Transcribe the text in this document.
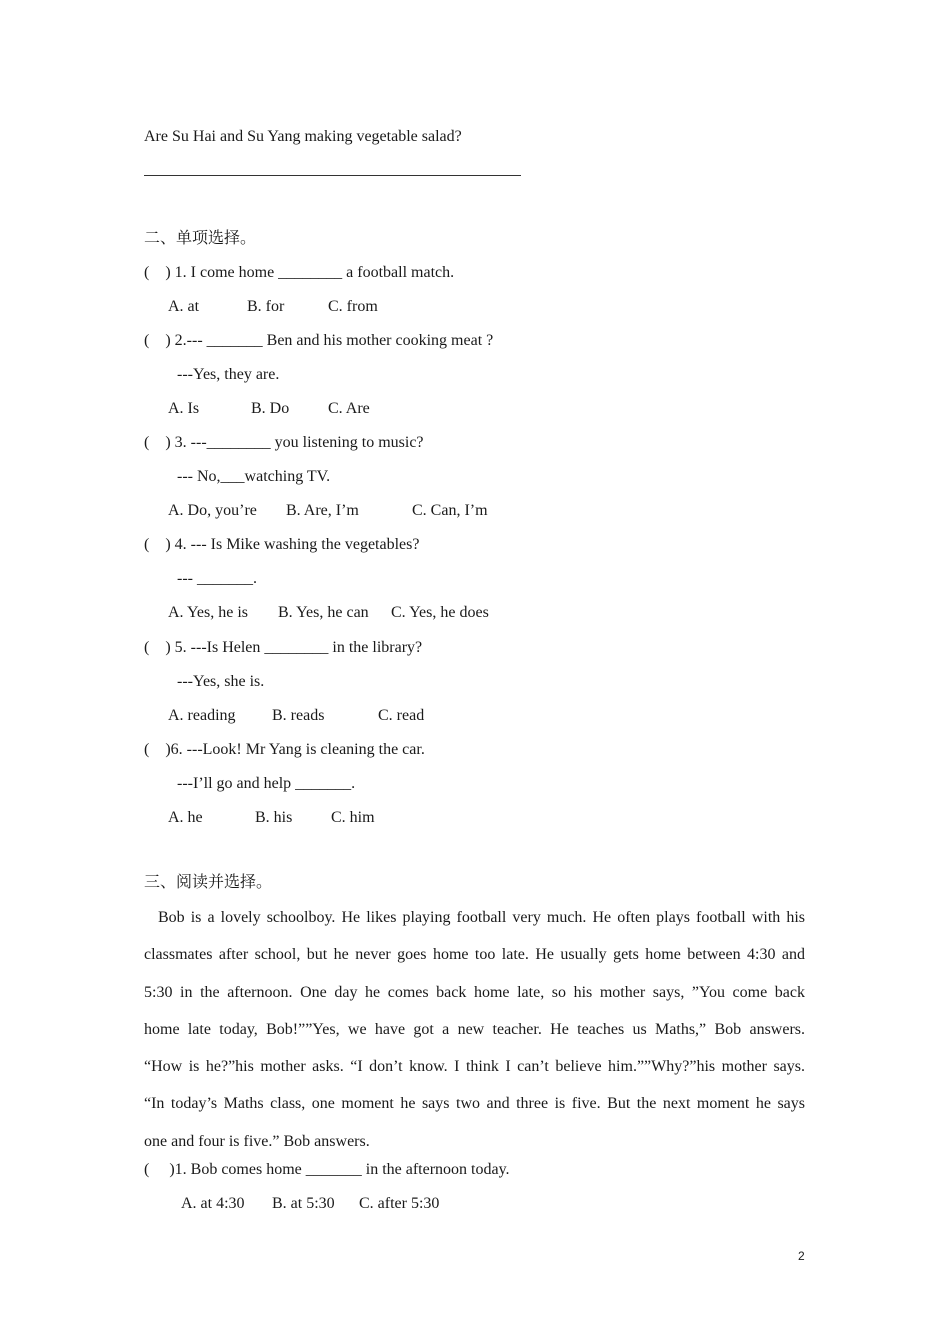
Are Su Hai and Su Yang making vegetable salad?
二、单项选择。
(    ) 1. I come home ________ a football match.
A. at	B. for	C. from
(    ) 2.--- _______ Ben and his mother cooking meat ?
---Yes, they are.
A. Is	B. Do C. Are
(    ) 3. ---________ you listening to music?
--- No,___watching TV.
A. Do, you’re B. Are, I’m	C. Can, I’m
(    ) 4. --- Is Mike washing the vegetables?
--- _______.
A. Yes, he is B. Yes, he can C. Yes, he does
(    ) 5. ---Is Helen ________ in the library?
---Yes, she is.
A. reading B. reads	C. read
(    )6. ---Look! Mr Yang is cleaning the car.
---I’ll go and help _______.
A. he	B. his C. him
三、阅读并选择。
Bob is a lovely schoolboy. He likes playing football very much. He often plays football with his
classmates after school, but he never goes home too late. He usually gets home between 4:30 and
5:30 in the afternoon. One day he comes back home late, so his mother says, ”You come back
home late today, Bob!””Yes, we have got a new teacher. He teaches us Maths,” Bob answers.
“How is he?”his mother asks. “I don’t know. I think I can’t believe him.””Why?”his mother says.
“In today’s Maths class, one moment he says two and three is five. But the next moment he says
one and four is five.” Bob answers.
(     )1. Bob comes home _______ in the afternoon today.
A. at 4:30 B. at 5:30 C. after 5:30
2
